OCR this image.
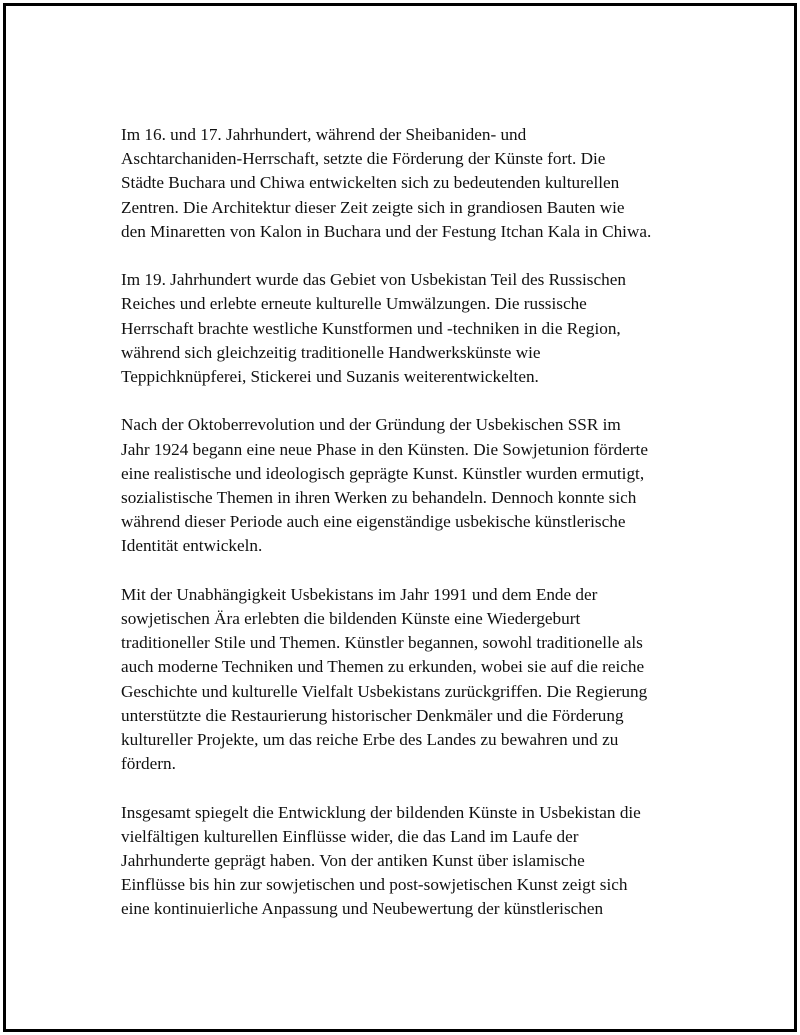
Im 16. und 17. Jahrhundert, während der Sheibaniden- und
Aschtarchaniden-Herrschaft, setzte die Förderung der Künste fort. Die
Städte Buchara und Chiwa entwickelten sich zu bedeutenden kulturellen
Zentren. Die Architektur dieser Zeit zeigte sich in grandiosen Bauten wie
den Minaretten von Kalon in Buchara und der Festung Itchan Kala in Chiwa.

Im 19. Jahrhundert wurde das Gebiet von Usbekistan Teil des Russischen
Reiches und erlebte erneute kulturelle Umwälzungen. Die russische
Herrschaft brachte westliche Kunstformen und -techniken in die Region,
während sich gleichzeitig traditionelle Handwerkskünste wie
Teppichknüpferei, Stickerei und Suzanis weiterentwickelten.

Nach der Oktoberrevolution und der Gründung der Usbekischen SSR im
Jahr 1924 begann eine neue Phase in den Künsten. Die Sowjetunion förderte
eine realistische und ideologisch geprägte Kunst. Künstler wurden ermutigt,
sozialistische Themen in ihren Werken zu behandeln. Dennoch konnte sich
während dieser Periode auch eine eigenständige usbekische künstlerische
Identität entwickeln.

Mit der Unabhängigkeit Usbekistans im Jahr 1991 und dem Ende der
sowjetischen Ära erlebten die bildenden Künste eine Wiedergeburt
traditioneller Stile und Themen. Künstler begannen, sowohl traditionelle als
auch moderne Techniken und Themen zu erkunden, wobei sie auf die reiche
Geschichte und kulturelle Vielfalt Usbekistans zurückgriffen. Die Regierung
unterstützte die Restaurierung historischer Denkmäler und die Förderung
kultureller Projekte, um das reiche Erbe des Landes zu bewahren und zu
fördern.

Insgesamt spiegelt die Entwicklung der bildenden Künste in Usbekistan die
vielfältigen kulturellen Einflüsse wider, die das Land im Laufe der
Jahrhunderte geprägt haben. Von der antiken Kunst über islamische
Einflüsse bis hin zur sowjetischen und post-sowjetischen Kunst zeigt sich
eine kontinuierliche Anpassung und Neubewertung der künstlerischen
